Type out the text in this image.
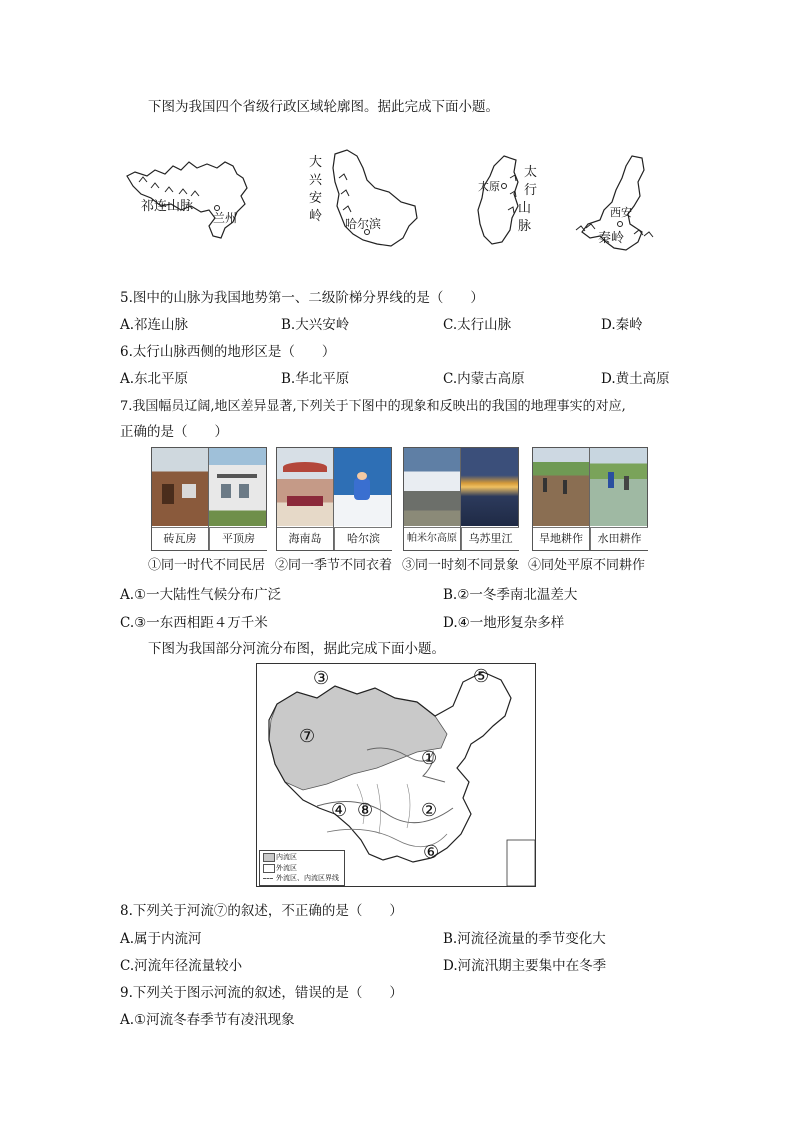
下图为我国四个省级行政区域轮廓图。据此完成下面小题。
祁连山脉
兰州
大
兴
安
岭 哈尔滨
太原
太
行
山
脉
西安
秦岭
5.图中的山脉为我国地势第一、二级阶梯分界线的是（　　）
A.祁连山脉	B.大兴安岭	C.太行山脉	D.秦岭
6.太行山脉西侧的地形区是（　　）
A.东北平原	B.华北平原	C.内蒙古高原	D.黄土高原
7.我国幅员辽阔,地区差异显著,下列关于下图中的现象和反映出的我国的地理事实的对应,
正确的是（　　）
砖瓦房	平顶房	海南岛	哈尔滨	帕米尔高原	乌苏里江	旱地耕作	水田耕作
①同一时代不同民居 ②同一季节不同衣着 ③同一时刻不同景象 ④同处平原不同耕作
A.①一大陆性气候分布广泛	B.②一冬季南北温差大
C.③一东西相距４万千米	D.④一地形复杂多样
下图为我国部分河流分布图，据此完成下面小题。
③	⑤
⑦
①
④ ⑧	②
⑥
内流区
外流区
外流区、内流区界线
8.下列关于河流⑦的叙述，不正确的是（　　）
A.属于内流河	B.河流径流量的季节变化大
C.河流年径流量较小	D.河流汛期主要集中在冬季
9.下列关于图示河流的叙述，错误的是（　　）
A.①河流冬春季节有凌汛现象
